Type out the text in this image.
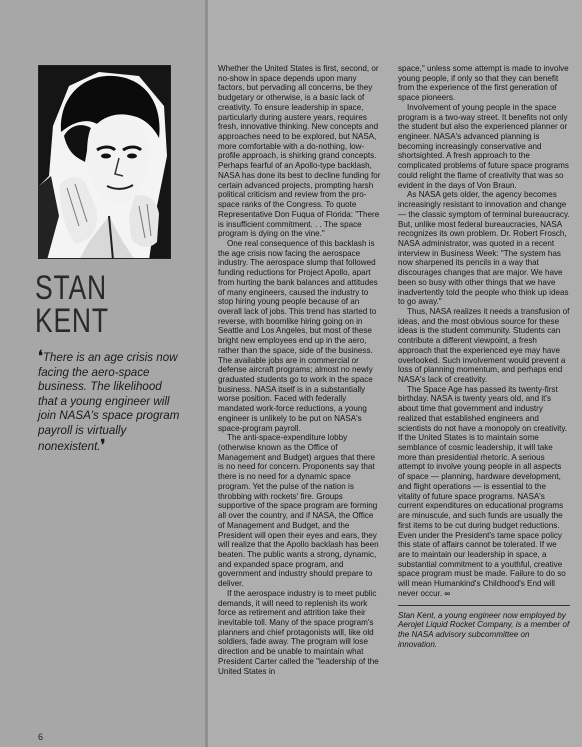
STAN
KENT
❛There is an age crisis now facing the aero-space business. The likelihood that a young engineer will join NASA's space program payroll is virtually nonexistent.❜
6

Whether the United States is first, second, or no-show in space depends upon many factors, but pervading all concerns, be they budgetary or otherwise, is a basic lack of creativity. To ensure leadership in space, particularly during austere years, requires fresh, innovative thinking. New concepts and approaches need to be explored, but NASA, more comfortable with a do-nothing, low-profile approach, is shirking grand concepts. Perhaps fearful of an Apollo-type backlash, NASA has done its best to decline funding for certain advanced projects, prompting harsh political criticism and review from the pro-space ranks of the Congress. To quote Representative Don Fuqua of Florida: "There is insufficient commitment. . . The space program is dying on the vine."

One real consequence of this backlash is the age crisis now facing the aerospace industry. The aerospace slump that followed funding reductions for Project Apollo, apart from hurting the bank balances and attitudes of many engineers, caused the industry to stop hiring young people because of an overall lack of jobs. This trend has started to reverse, with boomlike hiring going on in Seattle and Los Angeles, but most of these bright new employees end up in the aero, rather than the space, side of the business. The available jobs are in commercial or defense aircraft programs; almost no newly graduated students go to work in the space business. NASA itself is in a substantially worse position. Faced with federally mandated work-force reductions, a young engineer is unlikely to be put on NASA's space-program payroll.

The anti-space-expenditure lobby (otherwise known as the Office of Management and Budget) argues that there is no need for concern. Proponents say that there is no need for a dynamic space program. Yet the pulse of the nation is throbbing with rockets' fire. Groups supportive of the space program are forming all over the country, and if NASA, the Office of Management and Budget, and the President will open their eyes and ears, they will realize that the Apollo backlash has been beaten. The public wants a strong, dynamic, and expanded space program, and government and industry should prepare to deliver.

If the aerospace industry is to meet public demands, it will need to replenish its work force as retirement and attrition take their inevitable toll. Many of the space program's planners and chief protagonists will, like old soldiers, fade away. The program will lose direction and be unable to maintain what President Carter called the "leadership of the United States in

space," unless some attempt is made to involve young people, if only so that they can benefit from the experience of the first generation of space pioneers.

Involvement of young people in the space program is a two-way street. It benefits not only the student but also the experienced planner or engineer. NASA's advanced planning is becoming increasingly conservative and shortsighted. A fresh approach to the complicated problems of future space programs could relight the flame of creativity that was so evident in the days of Von Braun.

As NASA gets older, the agency becomes increasingly resistant to innovation and change — the classic symptom of terminal bureaucracy. But, unlike most federal bureaucracies, NASA recognizes its own problem. Dr. Robert Frosch, NASA administrator, was quoted in a recent interview in Business Week: "The system has now sharpened its pencils in a way that discourages changes that are major. We have been so busy with other things that we have inadvertently told the people who think up ideas to go away."

Thus, NASA realizes it needs a transfusion of ideas, and the most obvious source for these ideas is the student community. Students can contribute a different viewpoint, a fresh approach that the experienced eye may have overlooked. Such involvement would prevent a loss of planning momentum, and perhaps end NASA's lack of creativity.

The Space Age has passed its twenty-first birthday. NASA is twenty years old, and it's about time that government and industry realized that established engineers and scientists do not have a monopoly on creativity. If the United States is to maintain some semblance of cosmic leadership, it will take more than presidential rhetoric. A serious attempt to involve young people in all aspects of space — planning, hardware development, and flight operations — is essential to the vitality of future space programs. NASA's current expenditures on educational programs are minuscule, and such funds are usually the first items to be cut during budget reductions. Even under the President's tame space policy this state of affairs cannot be tolerated. If we are to maintain our leadership in space, a substantial commitment to a youthful, creative space program must be made. Failure to do so will mean Humankind's Childhood's End will never occur. ∞

Stan Kent, a young engineer now employed by Aerojet Liquid Rocket Company, is a member of the NASA advisory subcommittee on innovation.
